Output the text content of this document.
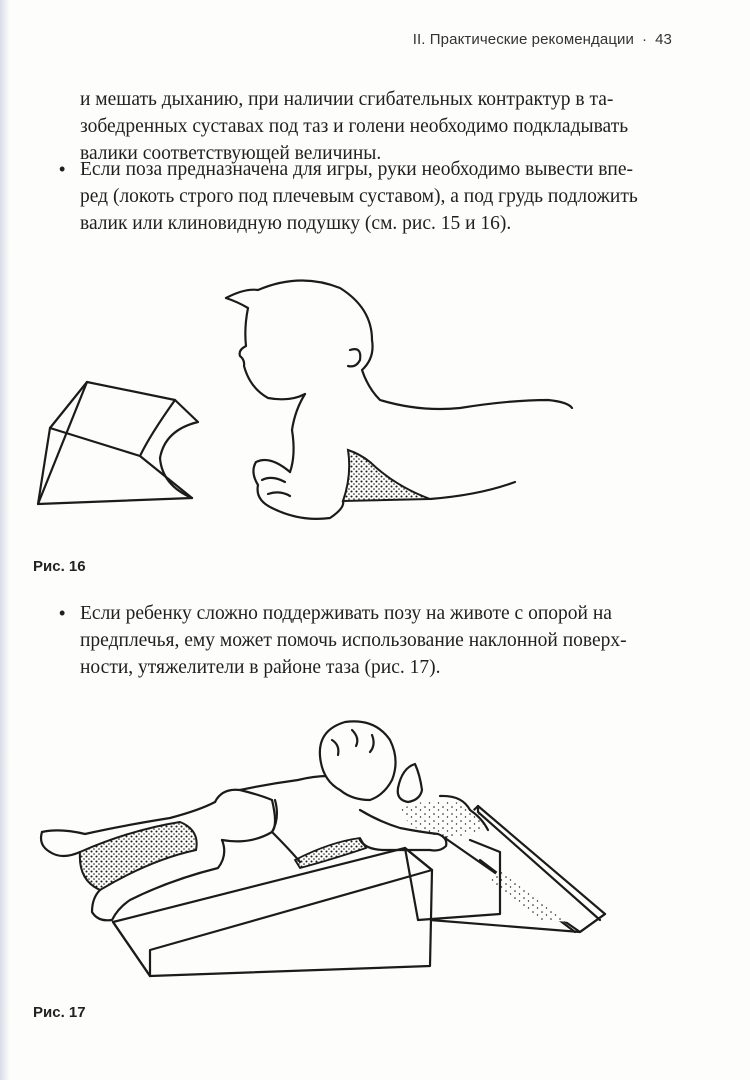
II. Практические рекомендации · 43
и мешать дыханию, при наличии сгибательных контрактур в та-
зобедренных суставах под таз и голени необходимо подкладывать
валики соответствующей величины.
• Если поза предназначена для игры, руки необходимо вывести впе-
ред (локоть строго под плечевым суставом), а под грудь подложить
валик или клиновидную подушку (см. рис. 15 и 16).
Рис. 16
• Если ребенку сложно поддерживать позу на животе с опорой на
предплечья, ему может помочь использование наклонной поверх-
ности, утяжелители в районе таза (рис. 17).
Рис. 17
